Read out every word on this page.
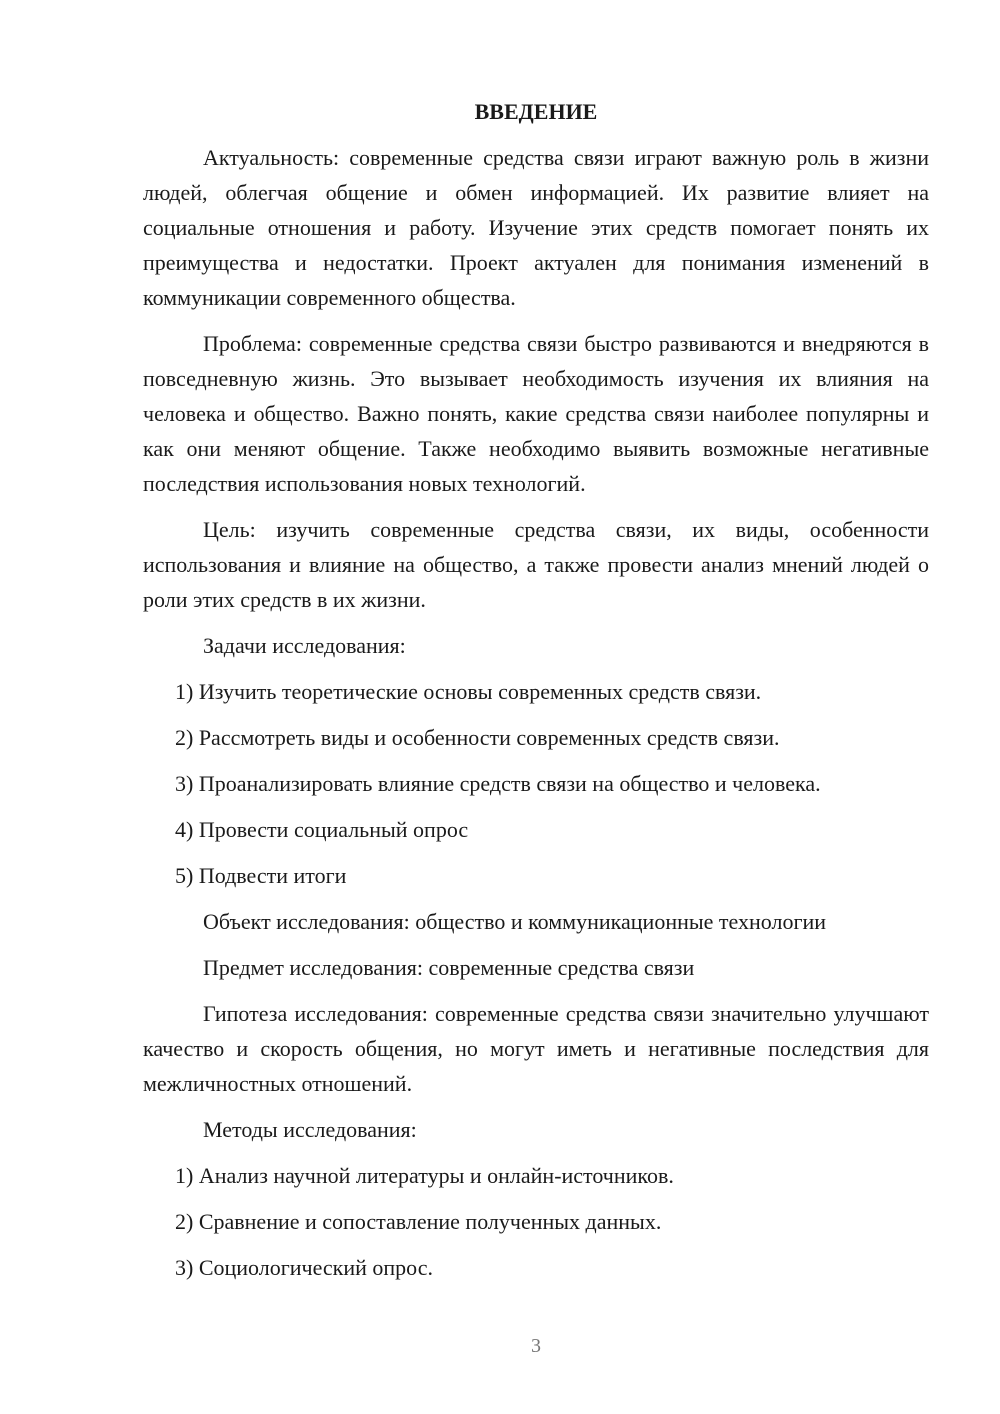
ВВЕДЕНИЕ

Актуальность: современные средства связи играют важную роль в жизни людей, облегчая общение и обмен информацией. Их развитие влияет на социальные отношения и работу. Изучение этих средств помогает понять их преимущества и недостатки. Проект актуален для понимания изменений в коммуникации современного общества.

Проблема: современные средства связи быстро развиваются и внедряются в повседневную жизнь. Это вызывает необходимость изучения их влияния на человека и общество. Важно понять, какие средства связи наиболее популярны и как они меняют общение. Также необходимо выявить возможные негативные последствия использования новых технологий.

Цель: изучить современные средства связи, их виды, особенности использования и влияние на общество, а также провести анализ мнений людей о роли этих средств в их жизни.

Задачи исследования:

1) Изучить теоретические основы современных средств связи.

2) Рассмотреть виды и особенности современных средств связи.

3) Проанализировать влияние средств связи на общество и человека.

4) Провести социальный опрос

5) Подвести итоги

Объект исследования: общество и коммуникационные технологии

Предмет исследования: современные средства связи

Гипотеза исследования: современные средства связи значительно улучшают качество и скорость общения, но могут иметь и негативные последствия для межличностных отношений.

Методы исследования:

1) Анализ научной литературы и онлайн-источников.

2) Сравнение и сопоставление полученных данных.

3) Социологический опрос.

3
